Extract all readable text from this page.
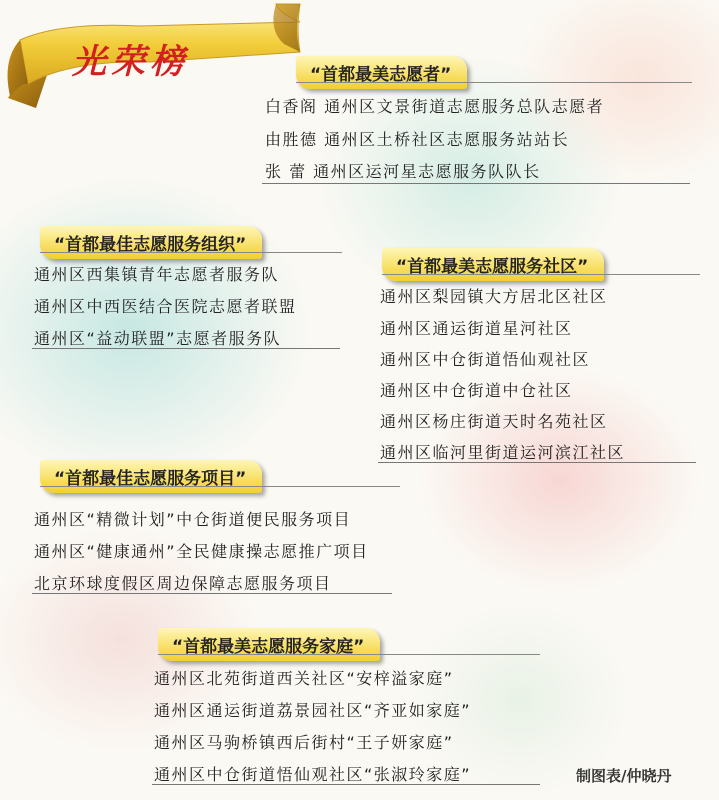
光荣榜	“首都最美志愿者”
白香阁 通州区文景街道志愿服务总队志愿者
由胜德 通州区土桥社区志愿服务站站长
张 蕾 通州区运河星志愿服务队队长
“首都最佳志愿服务组织”
通州区西集镇青年志愿者服务队
通州区中西医结合医院志愿者联盟
通州区“益动联盟”志愿者服务队
“首都最美志愿服务社区”
通州区梨园镇大方居北区社区
通州区通运街道星河社区
通州区中仓街道悟仙观社区
通州区中仓街道中仓社区
通州区杨庄街道天时名苑社区
通州区临河里街道运河滨江社区
“首都最佳志愿服务项目”
通州区“精微计划”中仓街道便民服务项目
通州区“健康通州”全民健康操志愿推广项目
北京环球度假区周边保障志愿服务项目
“首都最美志愿服务家庭”
通州区北苑街道西关社区“安梓溢家庭”
通州区通运街道荔景园社区“齐亚如家庭”
通州区马驹桥镇西后街村“王子妍家庭”
通州区中仓街道悟仙观社区“张淑玲家庭”	制图表/仲晓丹
